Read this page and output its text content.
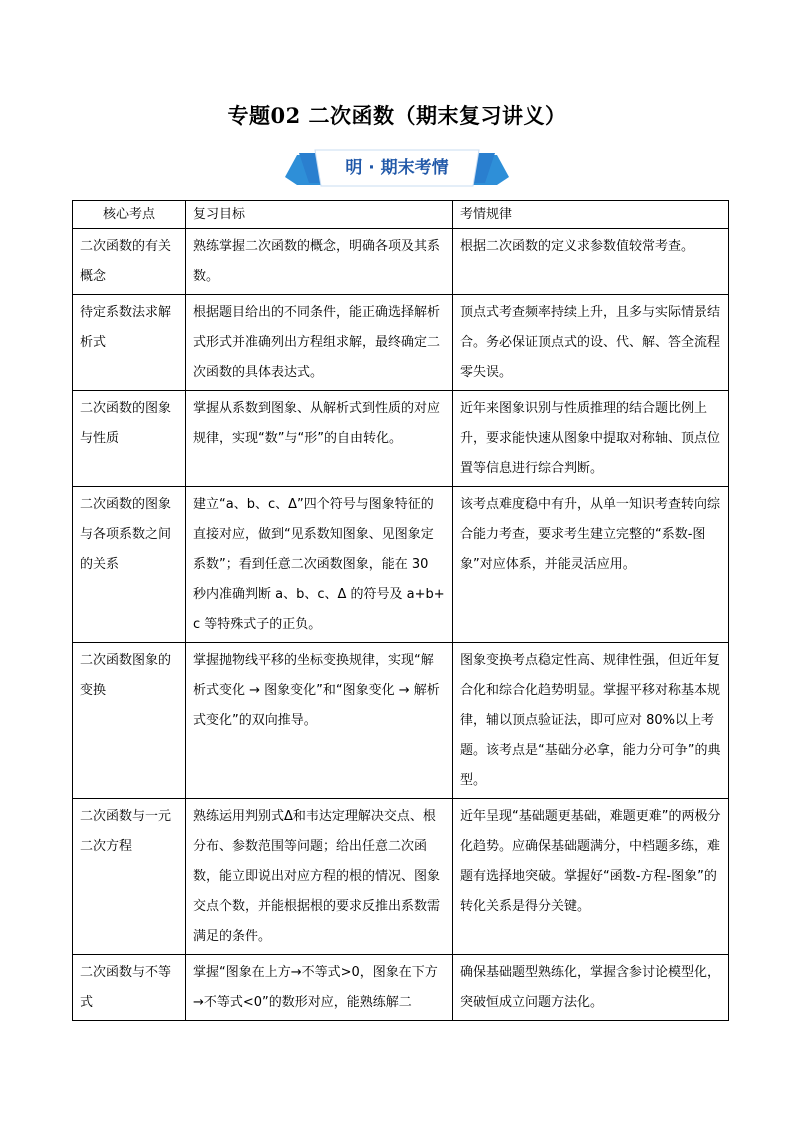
专题02 二次函数（期末复习讲义）
明 · 期末考情
核心考点	复习目标	考情规律
二次函数的有关概念	熟练掌握二次函数的概念，明确各项及其系数。	根据二次函数的定义求参数值较常考查。
待定系数法求解析式	根据题目给出的不同条件，能正确选择解析式形式并准确列出方程组求解，最终确定二次函数的具体表达式。	顶点式考查频率持续上升，且多与实际情景结合。务必保证顶点式的设、代、解、答全流程零失误。
二次函数的图象与性质	掌握从系数到图象、从解析式到性质的对应规律，实现“数”与“形”的自由转化。	近年来图象识别与性质推理的结合题比例上升，要求能快速从图象中提取对称轴、顶点位置等信息进行综合判断。
二次函数的图象与各项系数之间的关系	建立“a、b、c、Δ”四个符号与图象特征的直接对应，做到“见系数知图象、见图象定系数”；看到任意二次函数图象，能在 30 秒内准确判断 a、b、c、Δ 的符号及 a+b+c 等特殊式子的正负。	该考点难度稳中有升，从单一知识考查转向综合能力考查，要求考生建立完整的“系数-图象”对应体系，并能灵活应用。
二次函数图象的变换	掌握抛物线平移的坐标变换规律，实现“解析式变化 → 图象变化”和“图象变化 → 解析式变化”的双向推导。	图象变换考点稳定性高、规律性强，但近年复合化和综合化趋势明显。掌握平移对称基本规律，辅以顶点验证法，即可应对 80%以上考题。该考点是“基础分必拿，能力分可争”的典型。
二次函数与一元二次方程	熟练运用判别式Δ和韦达定理解决交点、根分布、参数范围等问题；给出任意二次函数，能立即说出对应方程的根的情况、图象交点个数，并能根据根的要求反推出系数需满足的条件。	近年呈现“基础题更基础，难题更难”的两极分化趋势。应确保基础题满分，中档题多练，难题有选择地突破。掌握好“函数-方程-图象”的转化关系是得分关键。
二次函数与不等式	掌握“图象在上方→不等式>0，图象在下方→不等式<0”的数形对应，能熟练解二	确保基础题型熟练化，掌握含参讨论模型化，突破恒成立问题方法化。
